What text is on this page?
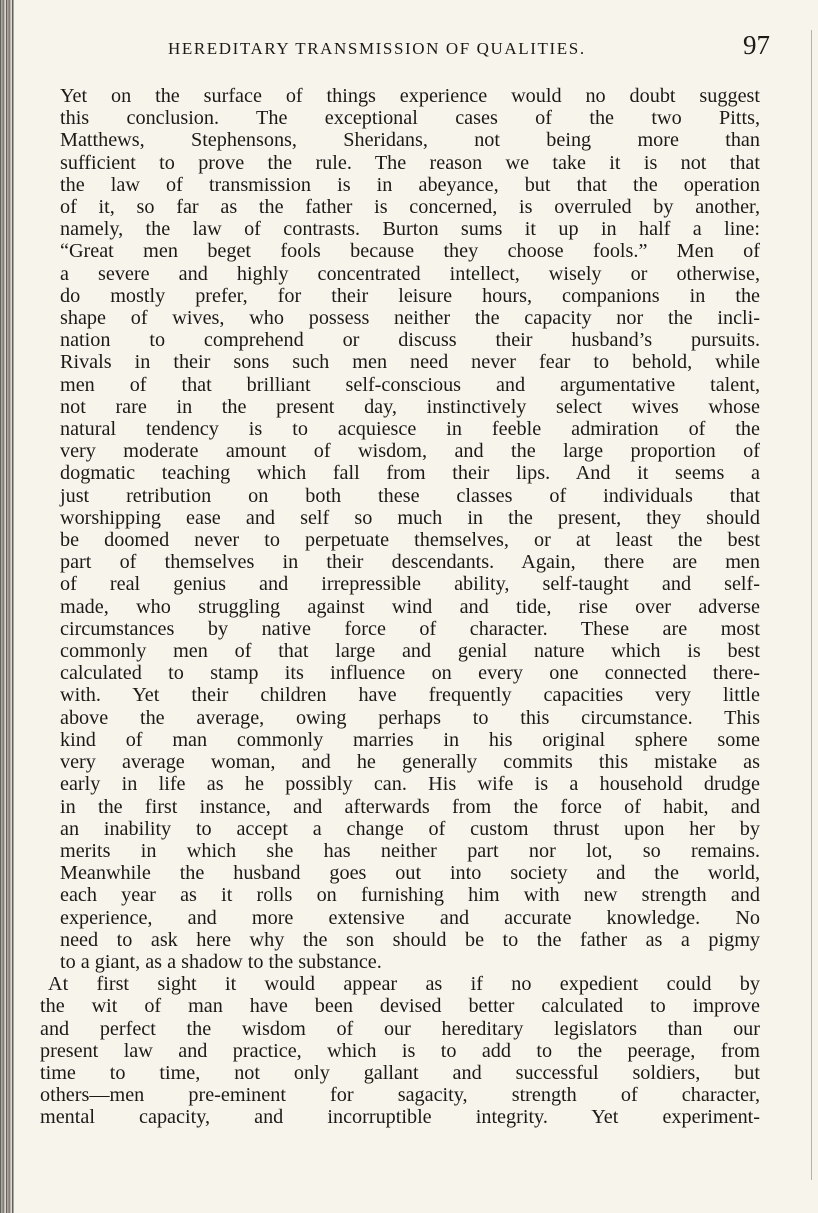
HEREDITARY TRANSMISSION OF QUALITIES.	97
Yet on the surface of things experience would no doubt suggest
this conclusion. The exceptional cases of the two Pitts,
Matthews, Stephensons, Sheridans, not being more than
sufficient to prove the rule. The reason we take it is not that
the law of transmission is in abeyance, but that the operation
of it, so far as the father is concerned, is overruled by another,
namely, the law of contrasts. Burton sums it up in half a line:
“Great men beget fools because they choose fools.” Men of
a severe and highly concentrated intellect, wisely or otherwise,
do mostly prefer, for their leisure hours, companions in the
shape of wives, who possess neither the capacity nor the incli-
nation to comprehend or discuss their husband’s pursuits.
Rivals in their sons such men need never fear to behold, while
men of that brilliant self-conscious and argumentative talent,
not rare in the present day, instinctively select wives whose
natural tendency is to acquiesce in feeble admiration of the
very moderate amount of wisdom, and the large proportion of
dogmatic teaching which fall from their lips. And it seems a
just retribution on both these classes of individuals that
worshipping ease and self so much in the present, they should
be doomed never to perpetuate themselves, or at least the best
part of themselves in their descendants. Again, there are men
of real genius and irrepressible ability, self-taught and self-
made, who struggling against wind and tide, rise over adverse
circumstances by native force of character. These are most
commonly men of that large and genial nature which is best
calculated to stamp its influence on every one connected there-
with. Yet their children have frequently capacities very little
above the average, owing perhaps to this circumstance. This
kind of man commonly marries in his original sphere some
very average woman, and he generally commits this mistake as
early in life as he possibly can. His wife is a household drudge
in the first instance, and afterwards from the force of habit, and
an inability to accept a change of custom thrust upon her by
merits in which she has neither part nor lot, so remains.
Meanwhile the husband goes out into society and the world,
each year as it rolls on furnishing him with new strength and
experience, and more extensive and accurate knowledge. No
need to ask here why the son should be to the father as a pigmy
to a giant, as a shadow to the substance.
At first sight it would appear as if no expedient could by
the wit of man have been devised better calculated to improve
and perfect the wisdom of our hereditary legislators than our
present law and practice, which is to add to the peerage, from
time to time, not only gallant and successful soldiers, but
others—men pre-eminent for sagacity, strength of character,
mental capacity, and incorruptible integrity. Yet experiment-
